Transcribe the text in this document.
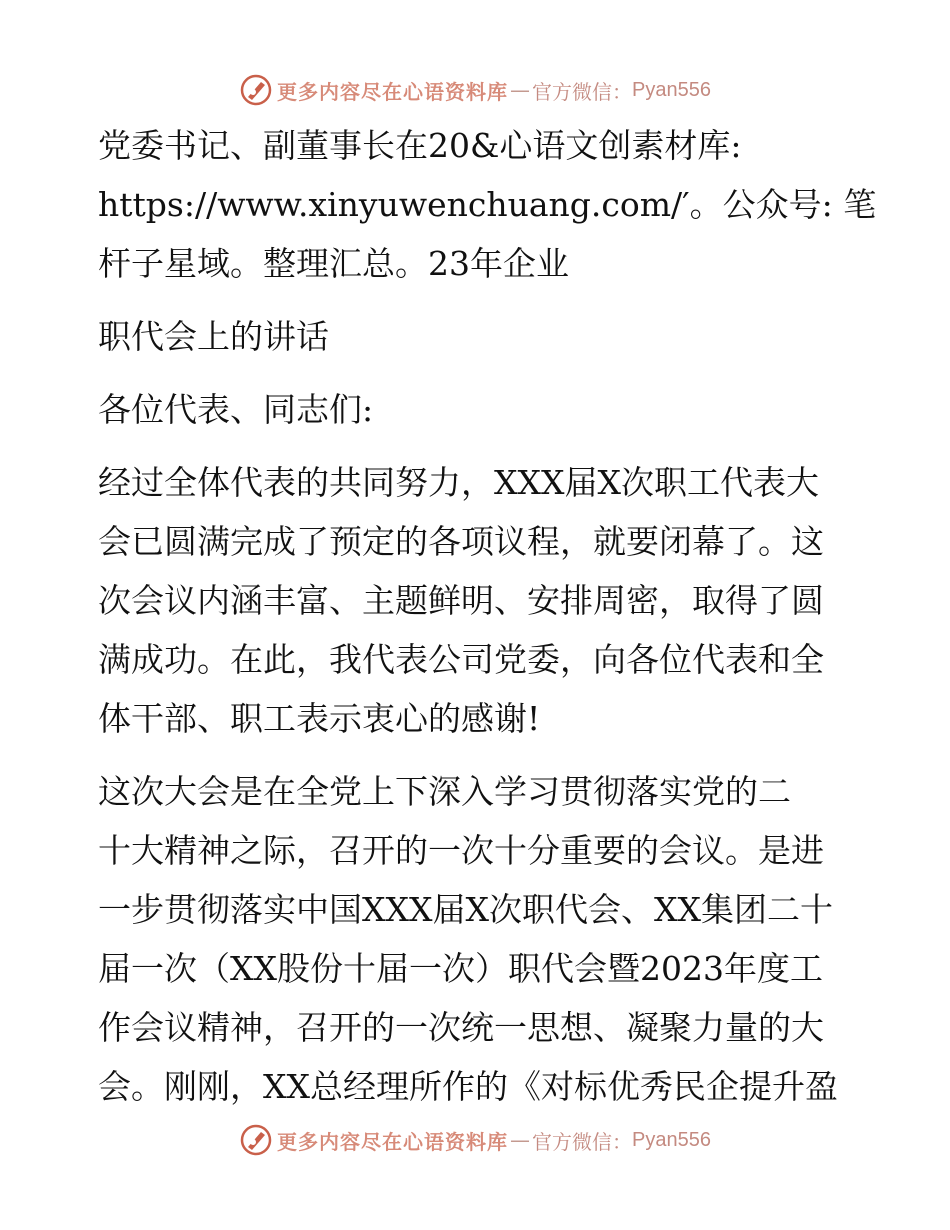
更多内容尽在心语资料库 — 官方微信： Pyan556
党委书记、副董事长在20&心语文创素材库:
https://www.xinyuwenchuang.com/′。公众号: 笔
杆子星域。整理汇总。23年企业
职代会上的讲话
各位代表、同志们:
经过全体代表的共同努力，XXX届X次职工代表大
会已圆满完成了预定的各项议程，就要闭幕了。这
次会议内涵丰富、主题鲜明、安排周密，取得了圆
满成功。在此，我代表公司党委，向各位代表和全
体干部、职工表示衷心的感谢!
这次大会是在全党上下深入学习贯彻落实党的二
十大精神之际，召开的一次十分重要的会议。是进
一步贯彻落实中国XXX届X次职代会、XX集团二十
届一次（XX股份十届一次）职代会暨2023年度工
作会议精神，召开的一次统一思想、凝聚力量的大
会。刚刚，XX总经理所作的《对标优秀民企提升盈
更多内容尽在心语资料库 — 官方微信： Pyan556
